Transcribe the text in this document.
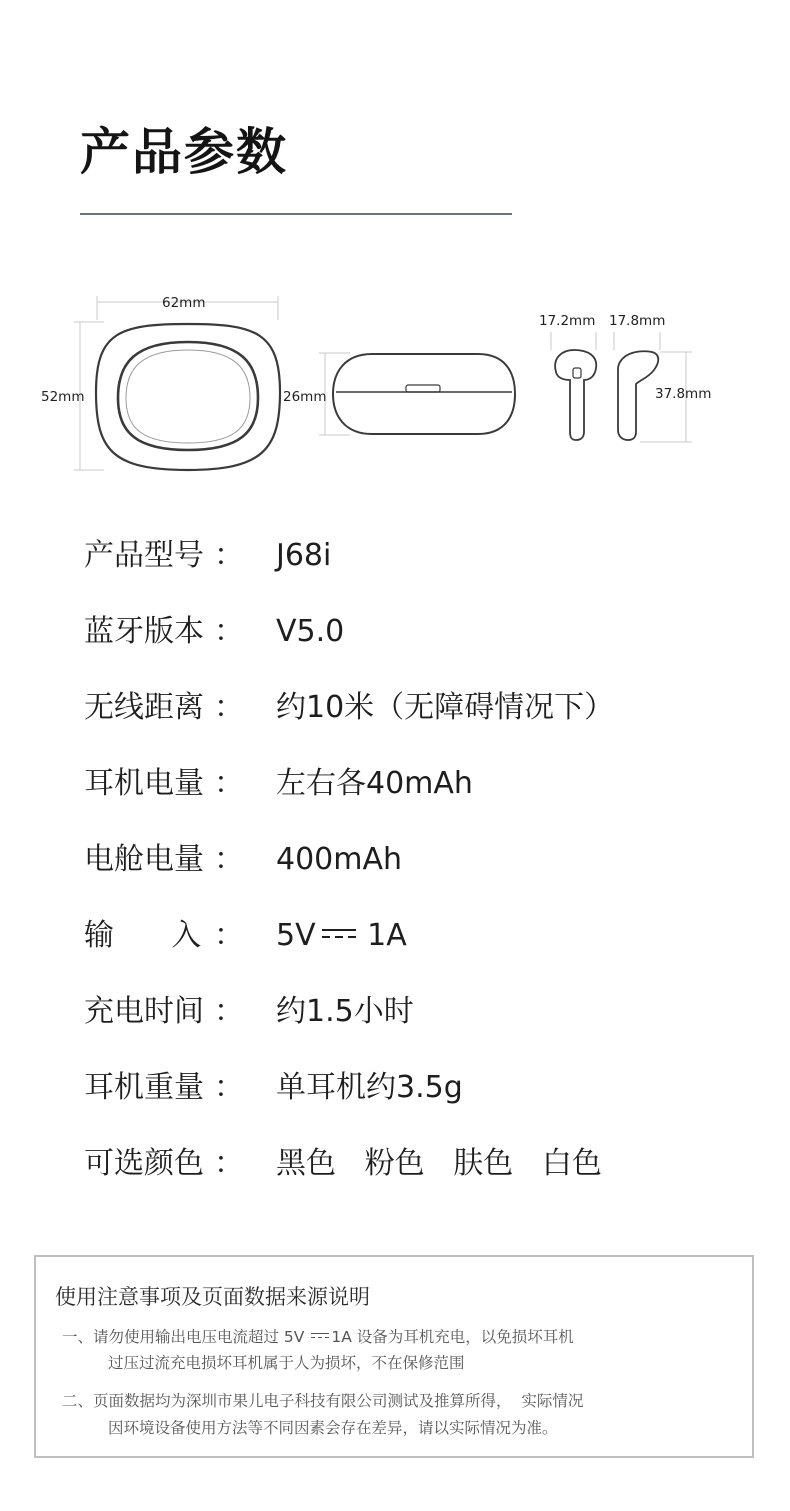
产品参数
62mm
52mm	26mm
17.2mm 17.8mm
37.8mm
产品型号 ： J68i
蓝牙版本 ： V5.0
无线距离 ： 约10米（无障碍情况下）
耳机电量 ： 左右各40mAh
电舱电量 ： 400mAh
输      入 ： 5V 1A
充电时间 ： 约1.5小时
耳机重量 ： 单耳机约3.5g
可选颜色 ： 黑色   粉色   肤色   白色
使用注意事项及页面数据来源说明
一、请勿使用输出电压电流超过 5V 1A 设备为耳机充电，以免损坏耳机
过压过流充电损坏耳机属于人为损坏，不在保修范围
二、页面数据均为深圳市果儿电子科技有限公司测试及推算所得，  实际情况
因环境设备使用方法等不同因素会存在差异，请以实际情况为准。
